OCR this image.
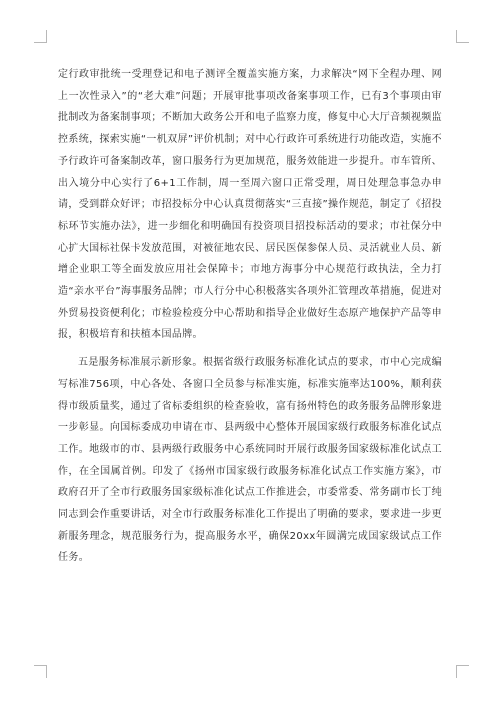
定行政审批统一受理登记和电子测评全覆盖实施方案，力求解决“网下全程办理、网上一次性录入”的“老大难”问题；开展审批事项改备案事项工作，已有3个事项由审批制改为备案制事项；不断加大政务公开和电子监察力度，修复中心大厅音频视频监控系统，探索实施“一机双屏”评价机制；对中心行政许可系统进行功能改造，实施不予行政许可备案制改革，窗口服务行为更加规范，服务效能进一步提升。市车管所、出入境分中心实行了6+1工作制，周一至周六窗口正常受理，周日处理急事急办申请，受到群众好评；市招投标分中心认真贯彻落实“三直接”操作规范，制定了《招投标环节实施办法》，进一步细化和明确国有投资项目招投标活动的要求；市社保分中心扩大国标社保卡发放范围，对被征地农民、居民医保参保人员、灵活就业人员、新增企业职工等全面发放应用社会保障卡；市地方海事分中心规范行政执法，全力打造“亲水平台”海事服务品牌；市人行分中心积极落实各项外汇管理改革措施，促进对外贸易投资便利化；市检验检疫分中心帮助和指导企业做好生态原产地保护产品等申报，积极培育和扶植本国品牌。

五是服务标准展示新形象。根据省级行政服务标准化试点的要求，市中心完成编写标准756项，中心各处、各窗口全员参与标准实施，标准实施率达100%，顺利获得市级质量奖，通过了省标委组织的检查验收，富有扬州特色的政务服务品牌形象进一步彰显。向国标委成功申请在市、县两级中心整体开展国家级行政服务标准化试点工作。地级市的市、县两级行政服务中心系统同时开展行政服务国家级标准化试点工作，在全国属首例。印发了《扬州市国家级行政服务标准化试点工作实施方案》，市政府召开了全市行政服务国家级标准化试点工作推进会，市委常委、常务副市长丁纯同志到会作重要讲话，对全市行政服务标准化工作提出了明确的要求，要求进一步更新服务理念，规范服务行为，提高服务水平，确保20xx年圆满完成国家级试点工作任务。
